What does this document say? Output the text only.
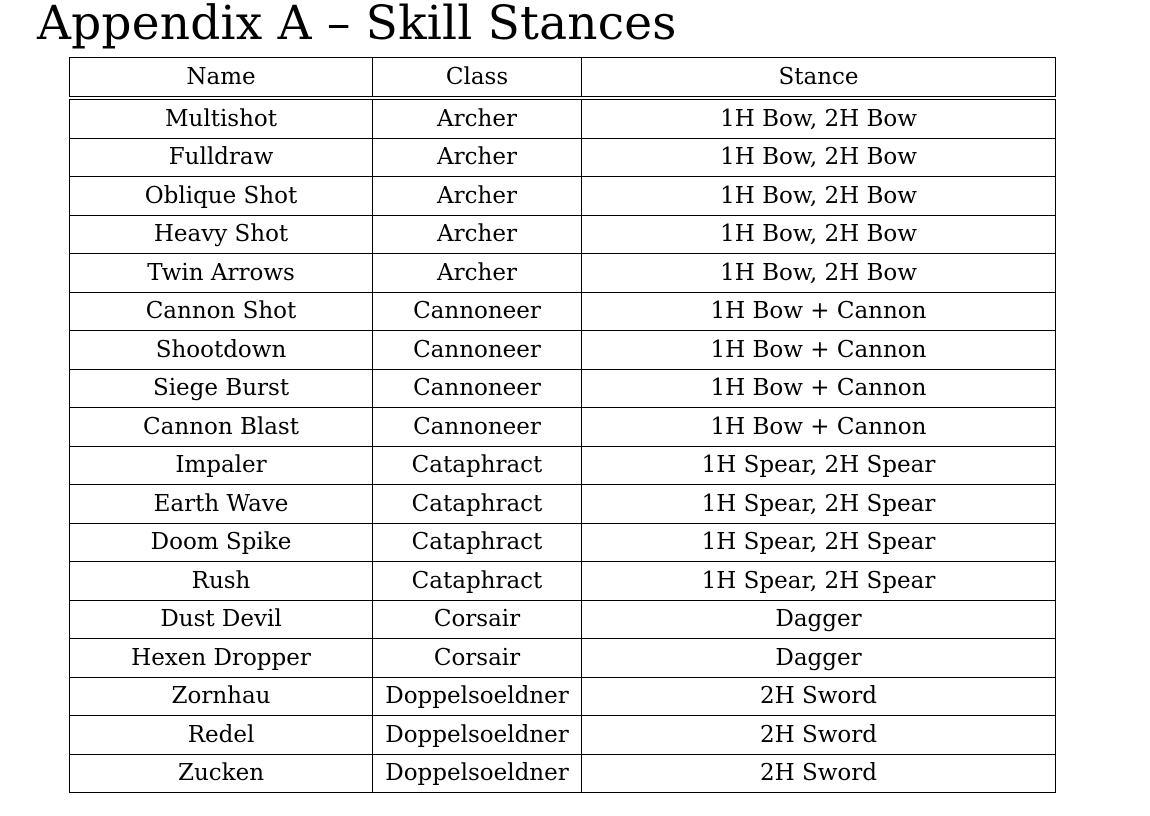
Appendix A – Skill Stances
Name	Class	Stance
Multishot	Archer	1H Bow, 2H Bow
Fulldraw	Archer	1H Bow, 2H Bow
Oblique Shot	Archer	1H Bow, 2H Bow
Heavy Shot	Archer	1H Bow, 2H Bow
Twin Arrows	Archer	1H Bow, 2H Bow
Cannon Shot	Cannoneer	1H Bow + Cannon
Shootdown	Cannoneer	1H Bow + Cannon
Siege Burst	Cannoneer	1H Bow + Cannon
Cannon Blast	Cannoneer	1H Bow + Cannon
Impaler	Cataphract	1H Spear, 2H Spear
Earth Wave	Cataphract	1H Spear, 2H Spear
Doom Spike	Cataphract	1H Spear, 2H Spear
Rush	Cataphract	1H Spear, 2H Spear
Dust Devil	Corsair	Dagger
Hexen Dropper	Corsair	Dagger
Zornhau	Doppelsoeldner	2H Sword
Redel	Doppelsoeldner	2H Sword
Zucken	Doppelsoeldner	2H Sword
